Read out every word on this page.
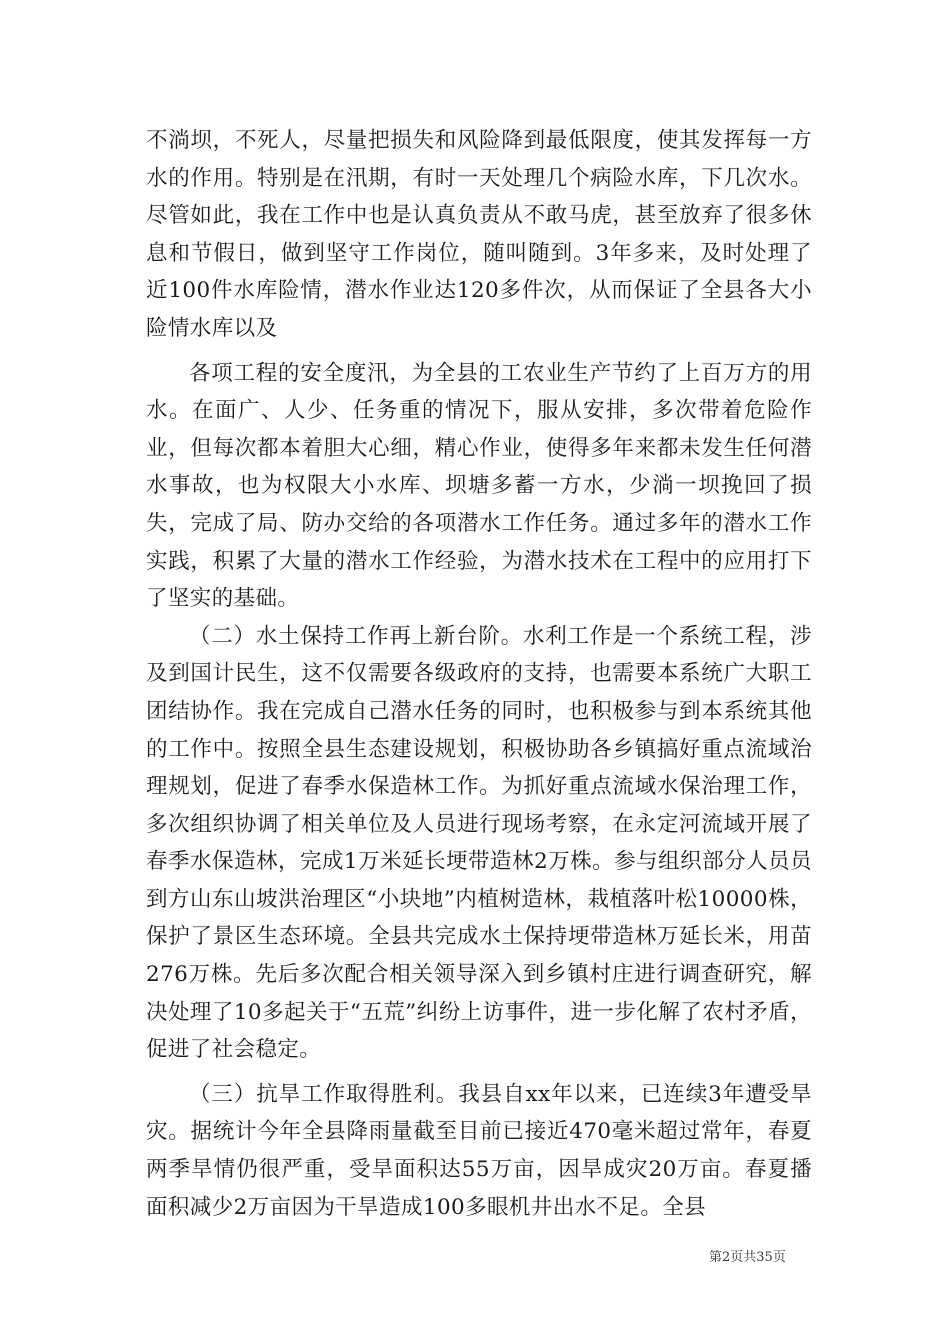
不淌坝，不死人，尽量把损失和风险降到最低限度，使其发挥每一方水的作用。特别是在汛期，有时一天处理几个病险水库，下几次水。尽管如此，我在工作中也是认真负责从不敢马虎，甚至放弃了很多休息和节假日，做到坚守工作岗位，随叫随到。3年多来，及时处理了近100件水库险情，潜水作业达120多件次，从而保证了全县各大小险情水库以及

各项工程的安全度汛，为全县的工农业生产节约了上百万方的用水。在面广、人少、任务重的情况下，服从安排，多次带着危险作业，但每次都本着胆大心细，精心作业，使得多年来都未发生任何潜水事故，也为权限大小水库、坝塘多蓄一方水，少淌一坝挽回了损失，完成了局、防办交给的各项潜水工作任务。通过多年的潜水工作实践，积累了大量的潜水工作经验，为潜水技术在工程中的应用打下了坚实的基础。

（二）水土保持工作再上新台阶。水利工作是一个系统工程，涉及到国计民生，这不仅需要各级政府的支持，也需要本系统广大职工团结协作。我在完成自己潜水任务的同时，也积极参与到本系统其他的工作中。按照全县生态建设规划，积极协助各乡镇搞好重点流域治理规划，促进了春季水保造林工作。为抓好重点流域水保治理工作，多次组织协调了相关单位及人员进行现场考察，在永定河流域开展了春季水保造林，完成1万米延长埂带造林2万株。参与组织部分人员员到方山东山坡洪治理区“小块地”内植树造林，栽植落叶松10000株，保护了景区生态环境。全县共完成水土保持埂带造林万延长米，用苗276万株。先后多次配合相关领导深入到乡镇村庄进行调查研究，解决处理了10多起关于“五荒”纠纷上访事件，进一步化解了农村矛盾，促进了社会稳定。

（三）抗旱工作取得胜利。我县自xx年以来，已连续3年遭受旱灾。据统计今年全县降雨量截至目前已接近470毫米超过常年，春夏两季旱情仍很严重，受旱面积达55万亩，因旱成灾20万亩。春夏播面积减少2万亩因为干旱造成100多眼机井出水不足。全县

第2页共35页
